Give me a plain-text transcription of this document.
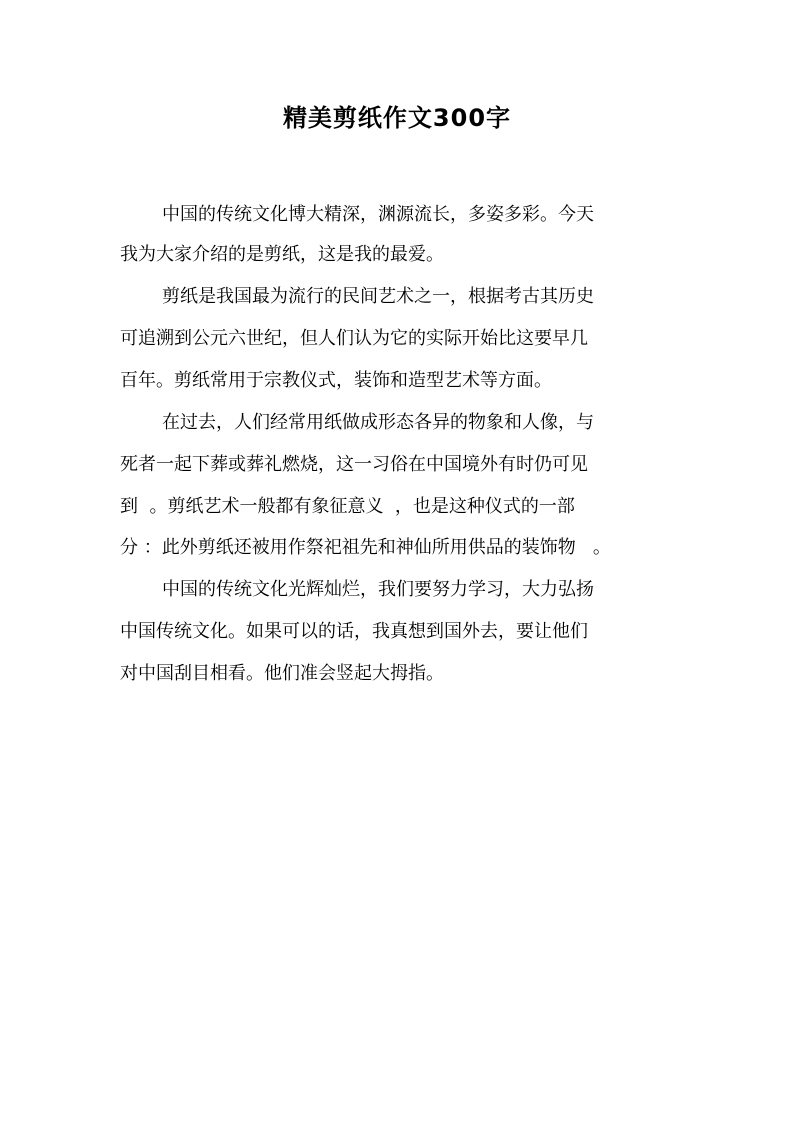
精美剪纸作文300字
中国的传统文化博大精深，渊源流长，多姿多彩。今天
我为大家介绍的是剪纸，这是我的最爱。
剪纸是我国最为流行的民间艺术之一，根据考古其历史
可追溯到公元六世纪，但人们认为它的实际开始比这要早几
百年。剪纸常用于宗教仪式，装饰和造型艺术等方面。
在过去，人们经常用纸做成形态各异的物象和人像，与
死者一起下葬或葬礼燃烧，这一习俗在中国境外有时仍可见
到  。剪纸艺术一般都有象征意义  ，也是这种仪式的一部
分 ：此外剪纸还被用作祭祀祖先和神仙所用供品的装饰物   。
中国的传统文化光辉灿烂，我们要努力学习，大力弘扬
中国传统文化。如果可以的话，我真想到国外去，要让他们
对中国刮目相看。他们准会竖起大拇指。
